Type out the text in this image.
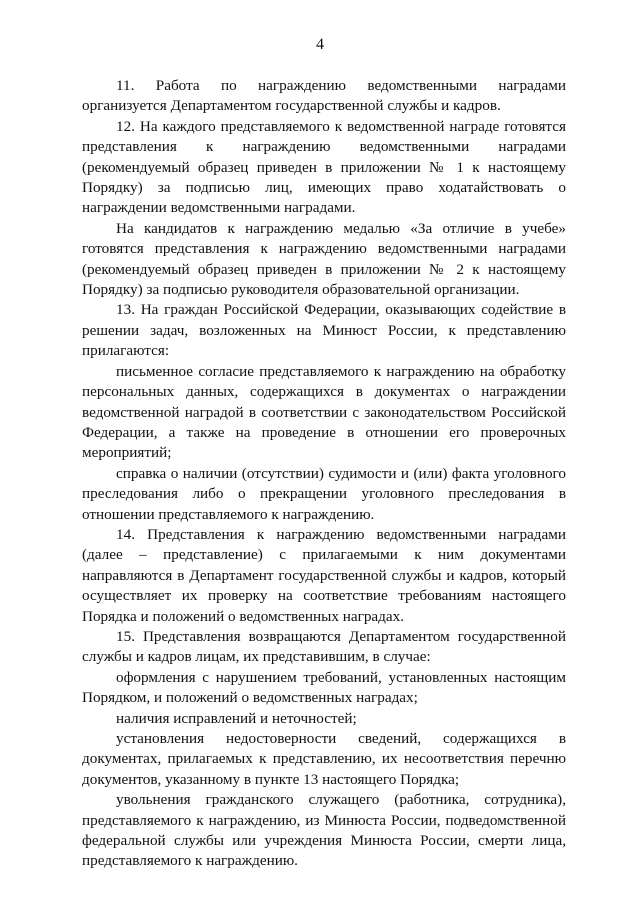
4

11. Работа по награждению ведомственными наградами организуется Департаментом государственной службы и кадров.

12. На каждого представляемого к ведомственной награде готовятся представления к награждению ведомственными наградами (рекомендуемый образец приведен в приложении № 1 к настоящему Порядку) за подписью лиц, имеющих право ходатайствовать о награждении ведомственными наградами.

На кандидатов к награждению медалью «За отличие в учебе» готовятся представления к награждению ведомственными наградами (рекомендуемый образец приведен в приложении № 2 к настоящему Порядку) за подписью руководителя образовательной организации.

13. На граждан Российской Федерации, оказывающих содействие в решении задач, возложенных на Минюст России, к представлению прилагаются:

письменное согласие представляемого к награждению на обработку персональных данных, содержащихся в документах о награждении ведомственной наградой в соответствии с законодательством Российской Федерации, а также на проведение в отношении его проверочных мероприятий;

справка о наличии (отсутствии) судимости и (или) факта уголовного преследования либо о прекращении уголовного преследования в отношении представляемого к награждению.

14. Представления к награждению ведомственными наградами (далее – представление) с прилагаемыми к ним документами направляются в Департамент государственной службы и кадров, который осуществляет их проверку на соответствие требованиям настоящего Порядка и положений о ведомственных наградах.

15. Представления возвращаются Департаментом государственной службы и кадров лицам, их представившим, в случае:

оформления с нарушением требований, установленных настоящим Порядком, и положений о ведомственных наградах;

наличия исправлений и неточностей;

установления недостоверности сведений, содержащихся в документах, прилагаемых к представлению, их несоответствия перечню документов, указанному в пункте 13 настоящего Порядка;

увольнения гражданского служащего (работника, сотрудника), представляемого к награждению, из Минюста России, подведомственной федеральной службы или учреждения Минюста России, смерти лица, представляемого к награждению.
